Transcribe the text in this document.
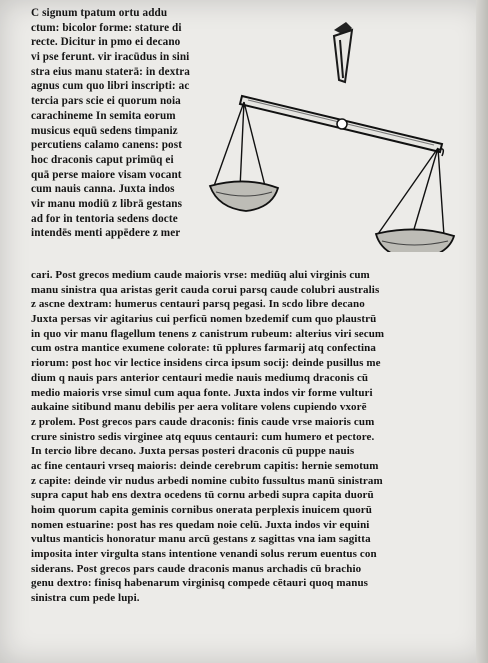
C signum tpatum ortu addu
ctum: bicolor forme: stature di
recte. Dicitur in pmo ei decano
vi pse ferunt. vir iracūdus in sini
stra eius manu staterā: in dextra
agnus cum quo libri inscripti: ac
tercia pars scie ei quorum noia
carachineme In semita eorum
musicus equū sedens timpaniz
percutiens calamo canens: post
hoc draconis caput primūq ei
quā perse maiore visam vocant
cum nauis canna. Juxta indos
vir manu modiū z librā gestans
ad for in tentoria sedens docte
intendēs menti appēdere z mer
cari. Post grecos medium caude maioris vrse: mediūq alui virginis cum
manu sinistra qua aristas gerit cauda corui parsq caude colubri australis
z ascne dextram: humerus centauri parsq pegasi. In scdo libre decano
Juxta persas vir agitarius cui perficū nomen bzedemif cum quo plaustrū
in quo vir manu flagellum tenens z canistrum rubeum: alterius viri secum
cum ostra mantice exumene colorate: tū pplures farmarij atq confectina
riorum: post hoc vir lectice insidens circa ipsum socij: deinde pusillus me
dium q nauis pars anterior centauri medie nauis mediumq draconis cū
medio maioris vrse simul cum aqua fonte. Juxta indos vir forme vulturi
aukaine sitibund manu debilis per aera volitare volens cupiendo vxorē
z prolem. Post grecos pars caude draconis: finis caude vrse maioris cum
crure sinistro sedis virginee atq equus centauri: cum humero et pectore.
In tercio libre decano. Juxta persas posteri draconis cū puppe nauis
ac fine centauri vrseq maioris: deinde cerebrum capitis: hernie semotum
z capite: deinde vir nudus arbedi nomine cubito fussultus manū sinistram
supra caput hab ens dextra ocedens tū cornu arbedi supra capita duorū
hoim quorum capita geminis cornibus onerata perplexis inuicem quorū
nomen estuarine: post has res quedam noie celū. Juxta indos vir equini
vultus manticis honoratur manu arcū gestans z sagittas vna iam sagitta
imposita inter virgulta stans intentione venandi solus rerum euentus con
siderans. Post grecos pars caude draconis manus archadis cū brachio
genu dextro: finisq habenarum virginisq compede cētauri quoq manus
sinistra cum pede lupi.
